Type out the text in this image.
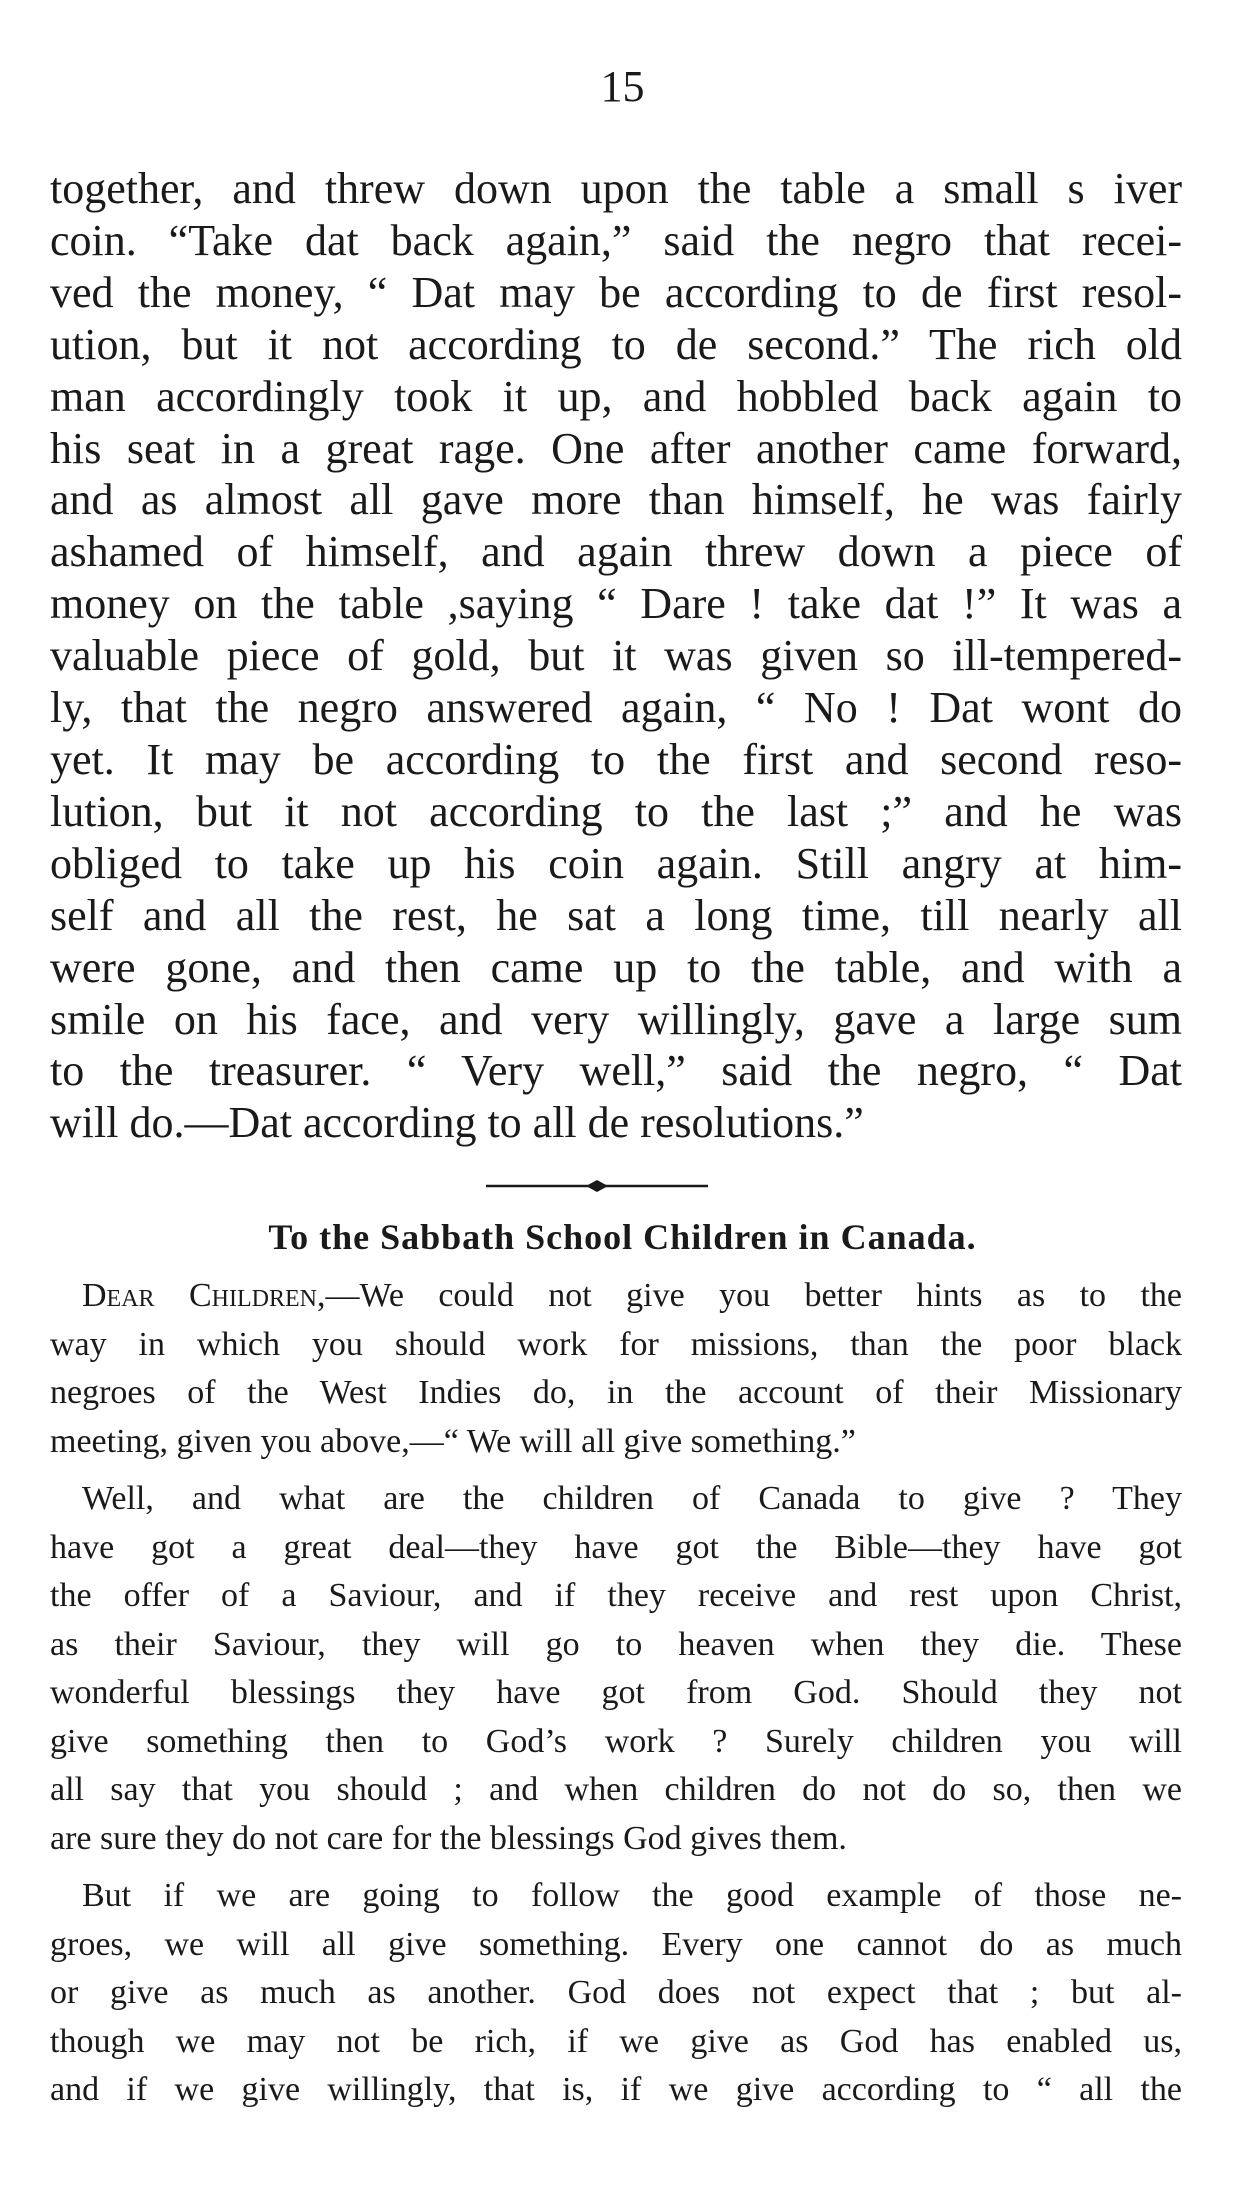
15
together, and threw down upon the table a small s iver
coin. “Take dat back again,” said the negro that recei-
ved the money, “ Dat may be according to de first resol-
ution, but it not according to de second.” The rich old
man accordingly took it up, and hobbled back again to
his seat in a great rage. One after another came forward,
and as almost all gave more than himself, he was fairly
ashamed of himself, and again threw down a piece of
money on the table ,saying “ Dare ! take dat !” It was a
valuable piece of gold, but it was given so ill-tempered-
ly, that the negro answered again, “ No ! Dat wont do
yet. It may be according to the first and second reso-
lution, but it not according to the last ;” and he was
obliged to take up his coin again. Still angry at him-
self and all the rest, he sat a long time, till nearly all
were gone, and then came up to the table, and with a
smile on his face, and very willingly, gave a large sum
to the treasurer. “ Very well,” said the negro, “ Dat
will do.—Dat according to all de resolutions.”
To the Sabbath School Children in Canada.
Dear Children,—We could not give you better hints as to the
way in which you should work for missions, than the poor black
negroes of the West Indies do, in the account of their Missionary
meeting, given you above,—“ We will all give something.”
Well, and what are the children of Canada to give ? They
have got a great deal—they have got the Bible—they have got
the offer of a Saviour, and if they receive and rest upon Christ,
as their Saviour, they will go to heaven when they die. These
wonderful blessings they have got from God. Should they not
give something then to God’s work ? Surely children you will
all say that you should ; and when children do not do so, then we
are sure they do not care for the blessings God gives them.
But if we are going to follow the good example of those ne-
groes, we will all give something. Every one cannot do as much
or give as much as another. God does not expect that ; but al-
though we may not be rich, if we give as God has enabled us,
and if we give willingly, that is, if we give according to “ all the
